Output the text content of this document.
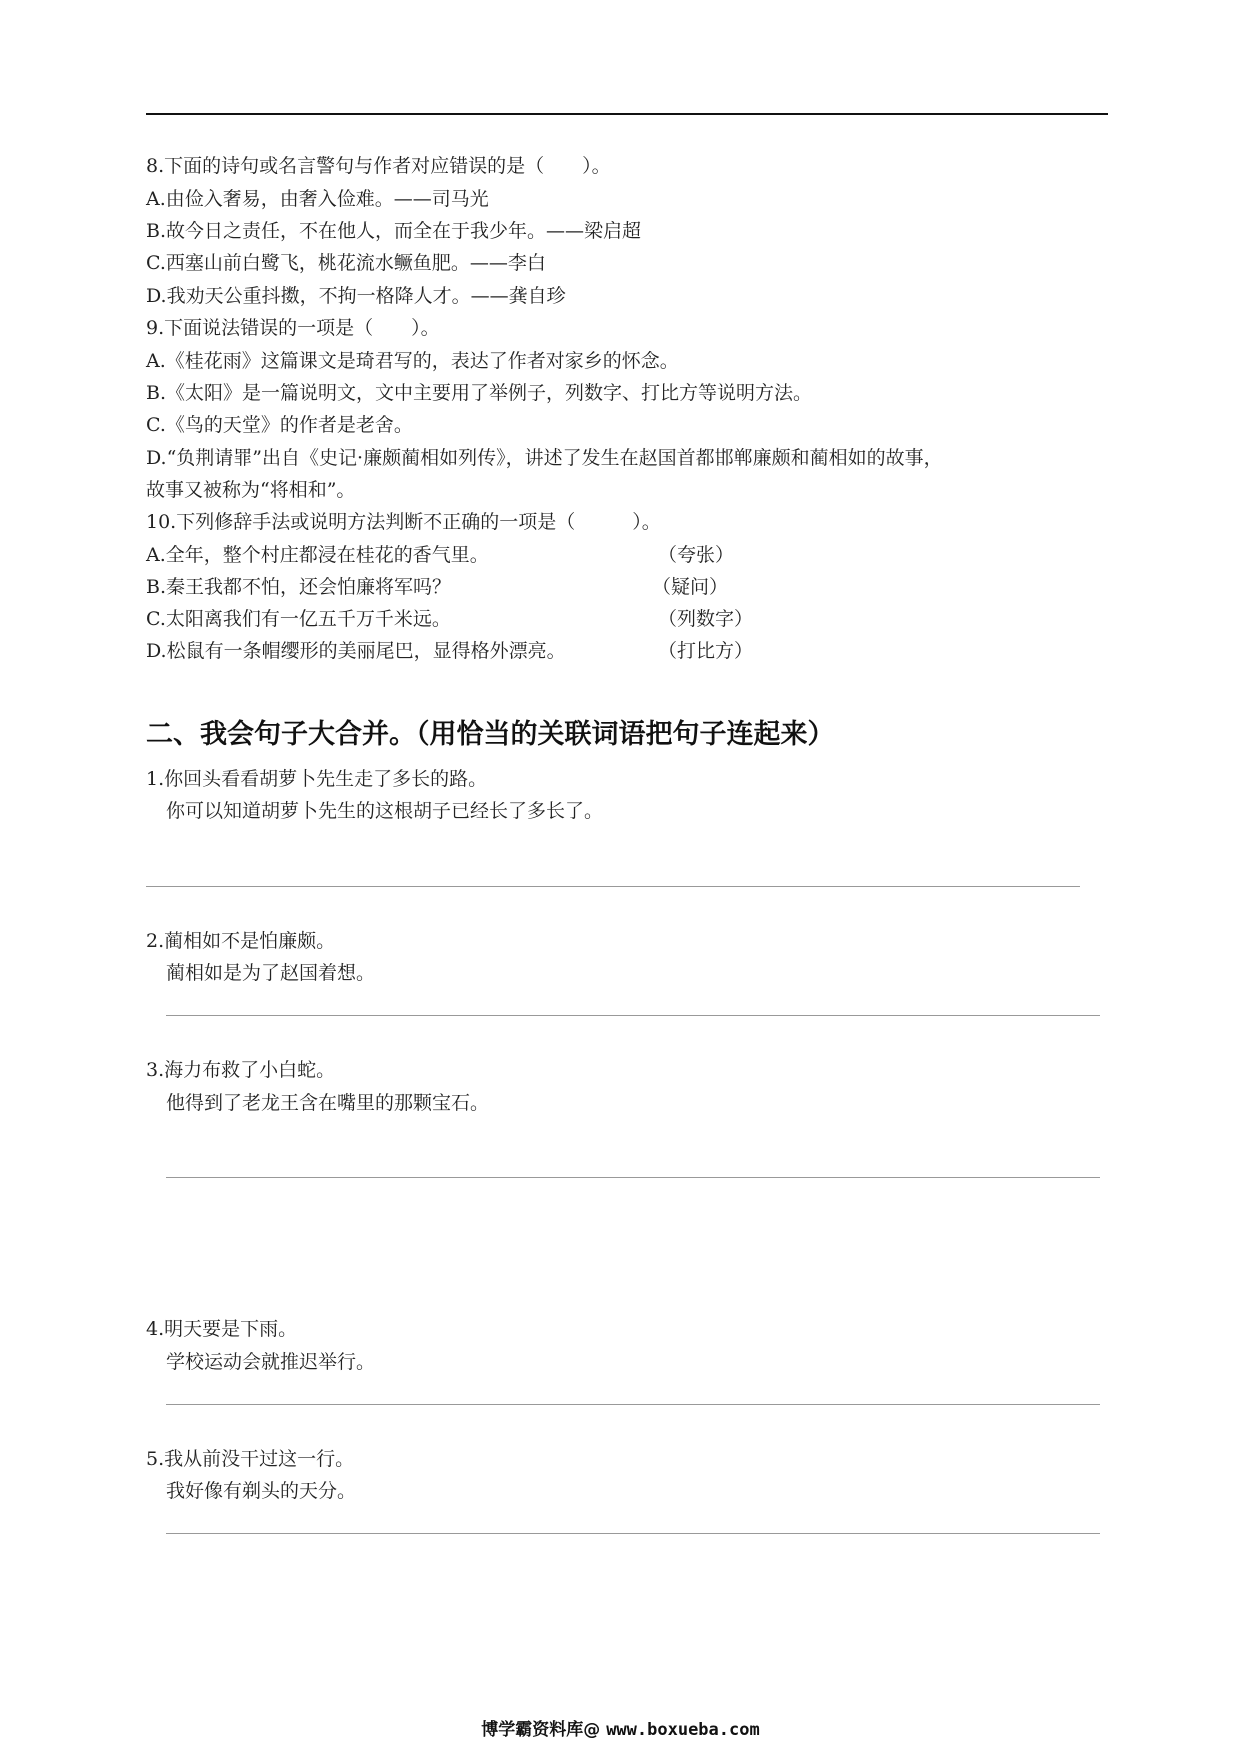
8.下面的诗句或名言警句与作者对应错误的是（　　）。
A.由俭入奢易，由奢入俭难。——司马光
B.故今日之责任，不在他人，而全在于我少年。——梁启超
C.西塞山前白鹭飞，桃花流水鳜鱼肥。——李白
D.我劝天公重抖擞，不拘一格降人才。——龚自珍
9.下面说法错误的一项是（　　）。
A.《桂花雨》这篇课文是琦君写的，表达了作者对家乡的怀念。
B.《太阳》是一篇说明文，文中主要用了举例子，列数字、打比方等说明方法。
C.《鸟的天堂》的作者是老舍。
D.“负荆请罪”出自《史记·廉颇蔺相如列传》，讲述了发生在赵国首都邯郸廉颇和蔺相如的故事，
故事又被称为“将相和”。
10.下列修辞手法或说明方法判断不正确的一项是（　　　）。
A.全年，整个村庄都浸在桂花的香气里。	（夸张）
B.秦王我都不怕，还会怕廉将军吗？	（疑问）
C.太阳离我们有一亿五千万千米远。	（列数字）
D.松鼠有一条帽缨形的美丽尾巴，显得格外漂亮。	（打比方）
二、我会句子大合并。（用恰当的关联词语把句子连起来）
1.你回头看看胡萝卜先生走了多长的路。
你可以知道胡萝卜先生的这根胡子已经长了多长了。
2.蔺相如不是怕廉颇。
蔺相如是为了赵国着想。
3.海力布救了小白蛇。
他得到了老龙王含在嘴里的那颗宝石。
4.明天要是下雨。
学校运动会就推迟举行。
5.我从前没干过这一行。
我好像有剃头的天分。
博学霸资料库@ www.boxueba.com
